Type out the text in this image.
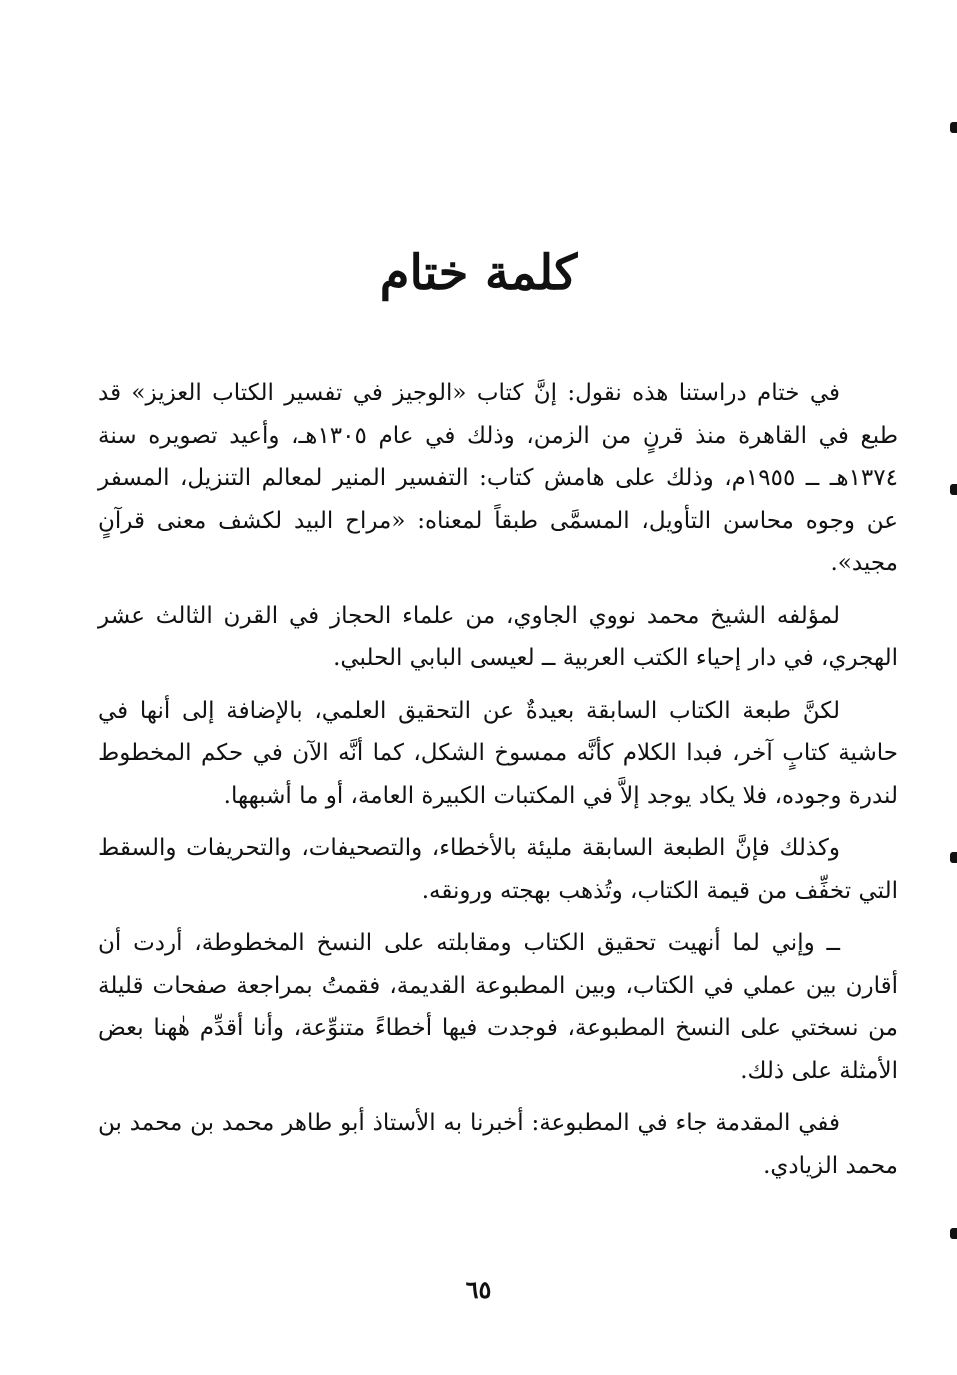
كلمة ختام

في ختام دراستنا هذه نقول: إنَّ كتاب «الوجيز في تفسير الكتاب العزيز» قد طبع في القاهرة منذ قرنٍ من الزمن، وذلك في عام ١٣٠٥هـ، وأعيد تصويره سنة ١٣٧٤هـ ــ ١٩٥٥م، وذلك على هامش كتاب: التفسير المنير لمعالم التنزيل، المسفر عن وجوه محاسن التأويل، المسمَّى طبقاً لمعناه: «مراح البيد لكشف معنى قرآنٍ مجيد».

لمؤلفه الشيخ محمد نووي الجاوي، من علماء الحجاز في القرن الثالث عشر الهجري، في دار إحياء الكتب العربية ــ لعيسى البابي الحلبي.

لكنَّ طبعة الكتاب السابقة بعيدةٌ عن التحقيق العلمي، بالإضافة إلى أنها في حاشية كتابٍ آخر، فبدا الكلام كأنَّه ممسوخ الشكل، كما أنَّه الآن في حكم المخطوط لندرة وجوده، فلا يكاد يوجد إلاَّ في المكتبات الكبيرة العامة، أو ما أشبهها.

وكذلك فإنَّ الطبعة السابقة مليئة بالأخطاء، والتصحيفات، والتحريفات والسقط التي تخفِّف من قيمة الكتاب، وتُذهب بهجته ورونقه.

ــ وإني لما أنهيت تحقيق الكتاب ومقابلته على النسخ المخطوطة، أردت أن أقارن بين عملي في الكتاب، وبين المطبوعة القديمة، فقمتُ بمراجعة صفحات قليلة من نسختي على النسخ المطبوعة، فوجدت فيها أخطاءً متنوِّعة، وأنا أقدِّم هٰهنا بعض الأمثلة على ذلك.

ففي المقدمة جاء في المطبوعة: أخبرنا به الأستاذ أبو طاهر محمد بن محمد بن محمد الزيادي.

٦٥
